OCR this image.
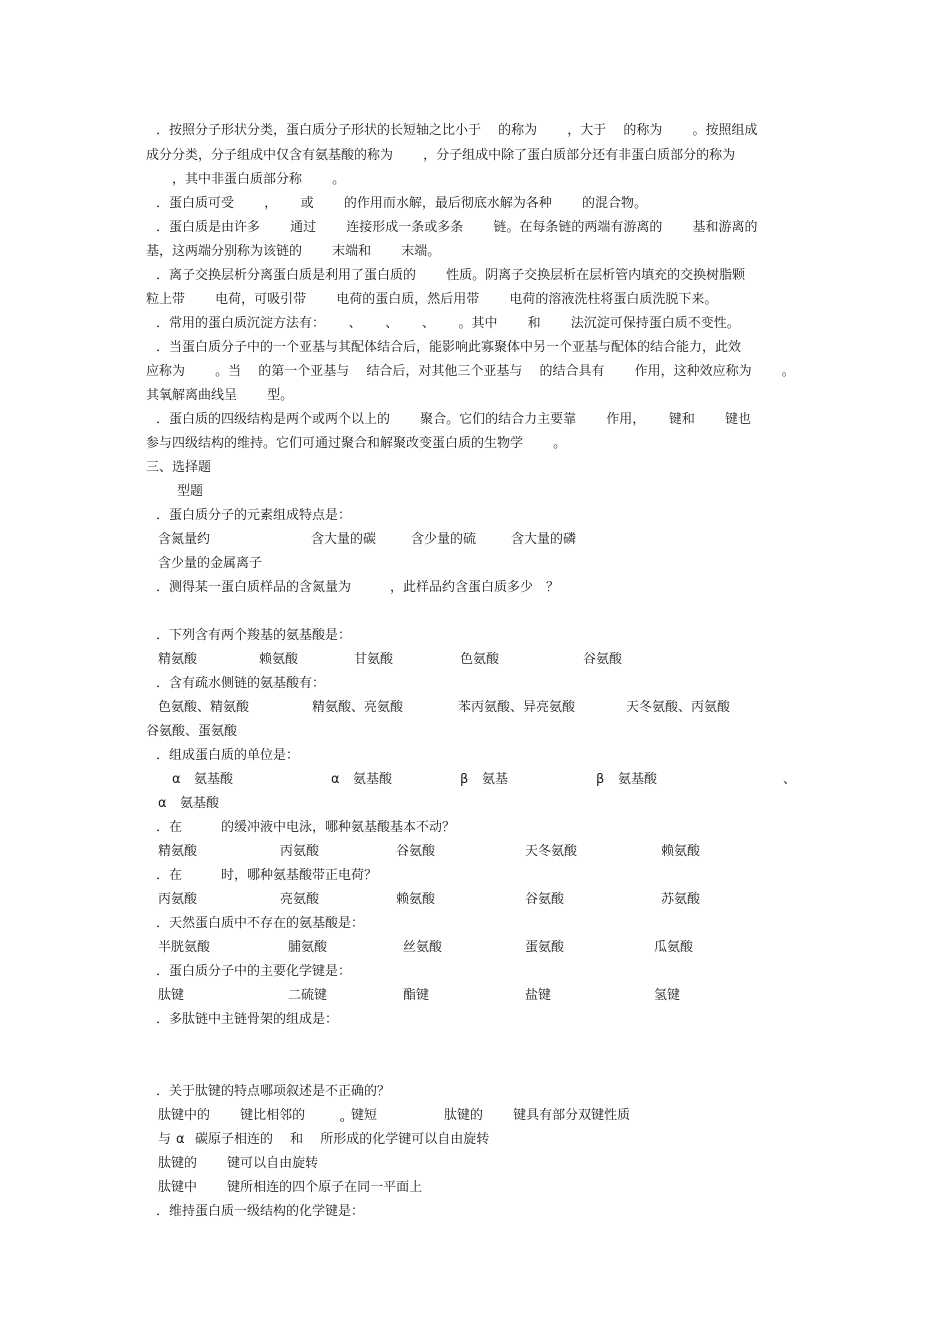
．按照分子形状分类，蛋白质分子形状的长短轴之比小于　 的称为　　 ，大于　 的称为　　 。按照组成
成分分类，分子组成中仅含有氨基酸的称为　　 ，分子组成中除了蛋白质部分还有非蛋白质部分的称为
，其中非蛋白质部分称　　 。
．蛋白质可受　　 ，　　 或　　 的作用而水解，最后彻底水解为各种　　 的混合物。
．蛋白质是由许多　　 通过　　 连接形成一条或多条　　 链。在每条链的两端有游离的　　 基和游离的
基，这两端分别称为该链的　　 末端和　　 末端。
．离子交换层析分离蛋白质是利用了蛋白质的　　 性质。阴离子交换层析在层析管内填充的交换树脂颗
粒上带　　 电荷，可吸引带　　 电荷的蛋白质，然后用带　　 电荷的溶液洗柱将蛋白质洗脱下来。
．常用的蛋白质沉淀方法有：　　 、　　 、　　 、　　 。其中　　 和　　 法沉淀可保持蛋白质不变性。
．当蛋白质分子中的一个亚基与其配体结合后，能影响此寡聚体中另一个亚基与配体的结合能力，此效
应称为　　 。当　 的第一个亚基与　 结合后，对其他三个亚基与　 的结合具有　　 作用，这种效应称为　　 。
其氧解离曲线呈　　 型。
．蛋白质的四级结构是两个或两个以上的　　 聚合。它们的结合力主要靠　　 作用，　　 键和　　 键也
参与四级结构的维持。它们可通过聚合和解聚改变蛋白质的生物学　　 。
三、选择题
型题
．蛋白质分子的元素组成特点是：
含氮量约	含大量的碳	含少量的硫	含大量的磷
含少量的金属离子
．测得某一蛋白质样品的含氮量为　　　，此样品约含蛋白质多少　？
．下列含有两个羧基的氨基酸是：
精氨酸	赖氨酸	甘氨酸	色氨酸	谷氨酸
．含有疏水侧链的氨基酸有：
色氨酸、精氨酸	精氨酸、亮氨酸	苯丙氨酸、异亮氨酸	天冬氨酸、丙氨酸
谷氨酸、蛋氨酸
．组成蛋白质的单位是：
α 氨基酸	α 氨基酸	β 氨基	β 氨基酸	、
α 氨基酸
．在　　　的缓冲液中电泳，哪种氨基酸基本不动？
精氨酸	丙氨酸	谷氨酸	天冬氨酸	赖氨酸
．在　　　时，哪种氨基酸带正电荷？
丙氨酸	亮氨酸	赖氨酸	谷氨酸	苏氨酸
．天然蛋白质中不存在的氨基酸是：
半胱氨酸	脯氨酸	丝氨酸	蛋氨酸	瓜氨酸
．蛋白质分子中的主要化学键是：
肽键	二硫键	酯键	盐键	氢键
．多肽链中主链骨架的组成是：
．关于肽键的特点哪项叙述是不正确的？
肽键中的　　 键比相邻的	o 键短	肽键的　　 键具有部分双键性质
与 α 碳原子相连的　 和　 所形成的化学键可以自由旋转
肽键的　　 键可以自由旋转
肽键中　　 键所相连的四个原子在同一平面上
．维持蛋白质一级结构的化学键是：
